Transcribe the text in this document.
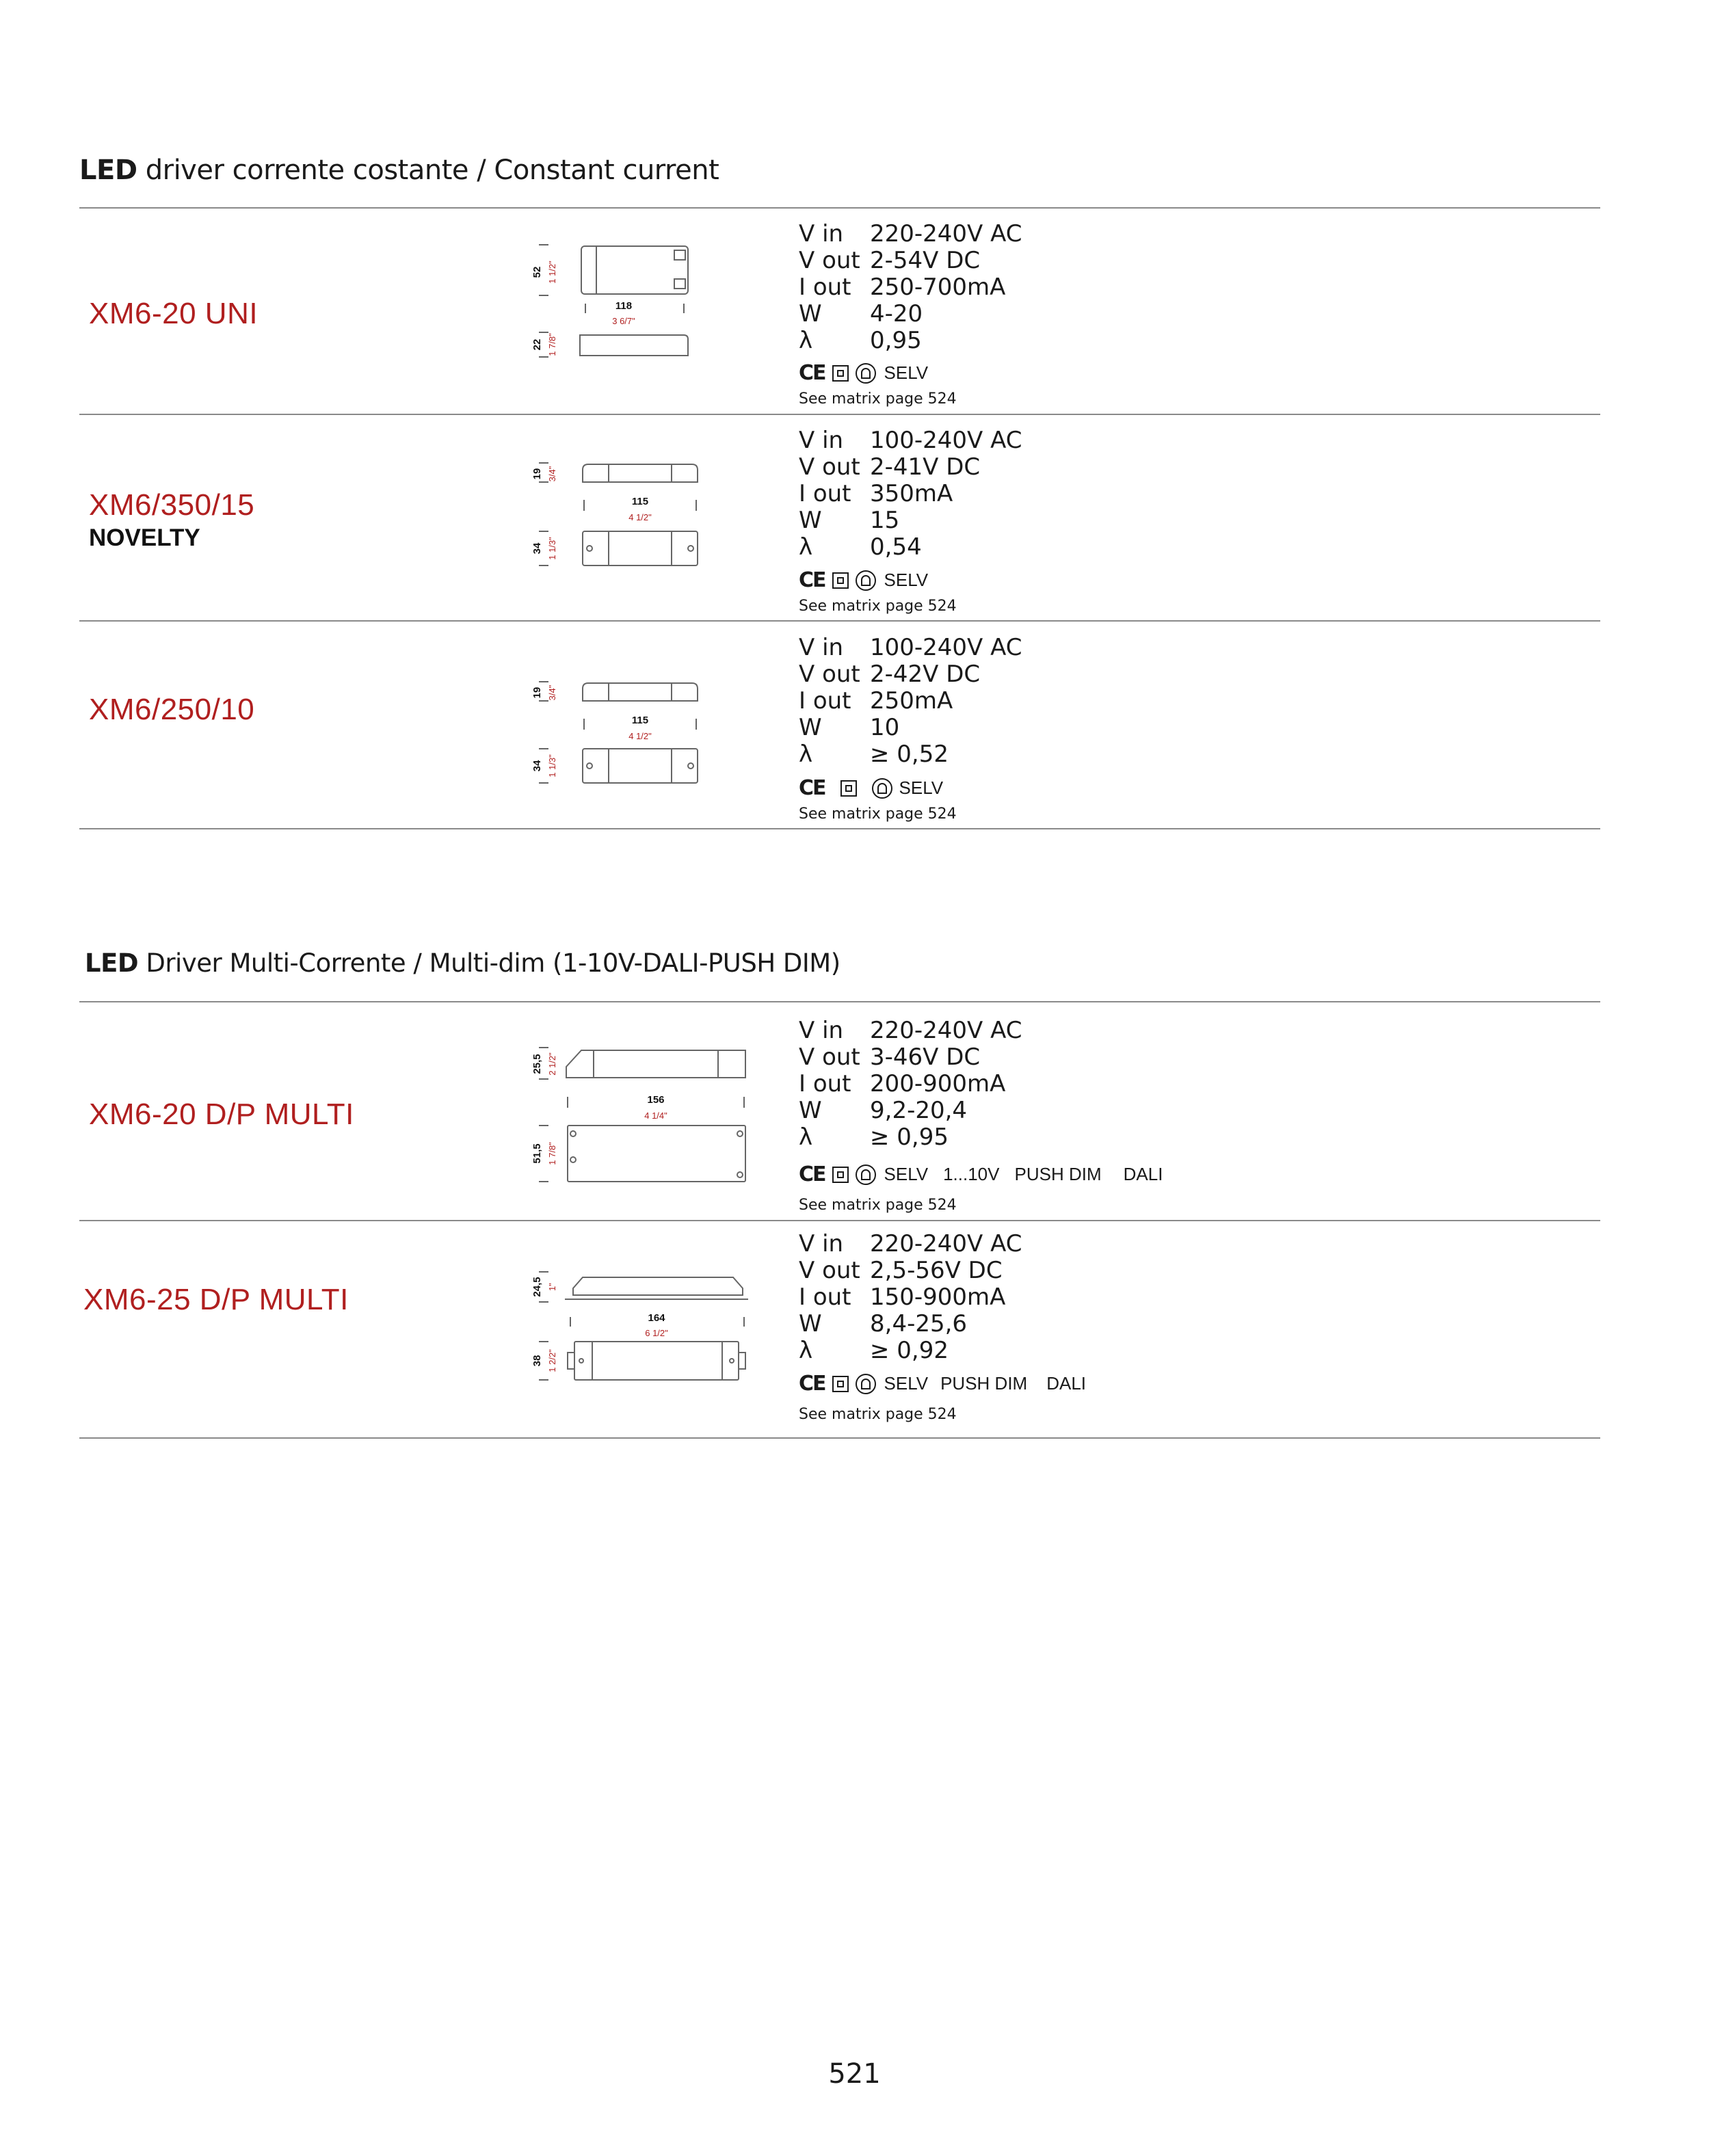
LED driver corrente costante / Constant current
XM6-20 UNI
52 1 1/2"
118
3 6/7"
22 1 7/8"
V in 220-240V AC
V out 2-54V DC
I out 250-700mA
W 4-20
λ 0,95
CE	SELV
See matrix page 524
XM6/350/15
NOVELTY
19 3/4"
115
4 1/2"
34 1 1/3"
V in 100-240V AC
V out 2-41V DC
I out 350mA
W 15
λ 0,54
CE	SELV
See matrix page 524
XM6/250/10	19 3/4"
115
4 1/2"
34 1 1/3"
V in 100-240V AC
V out 2-42V DC
I out 250mA
W 10
λ ≥ 0,52
CE	SELV
See matrix page 524
LED Driver Multi-Corrente / Multi-dim (1-10V-DALI-PUSH DIM)
XM6-20 D/P MULTI
25,5 2 1/2"
156
4 1/4"
51,5 1 7/8"
V in 220-240V AC
V out 3-46V DC
I out 200-900mA
W 9,2-20,4
λ ≥ 0,95
CE	SELV 1...10V PUSH DIM DALI
See matrix page 524
XM6-25 D/P MULTI	24,5 1"
164
6 1/2"
38 1 2/2"
V in 220-240V AC
V out 2,5-56V DC
I out 150-900mA
W 8,4-25,6
λ ≥ 0,92
CE	SELV PUSH DIM DALI
See matrix page 524
521
